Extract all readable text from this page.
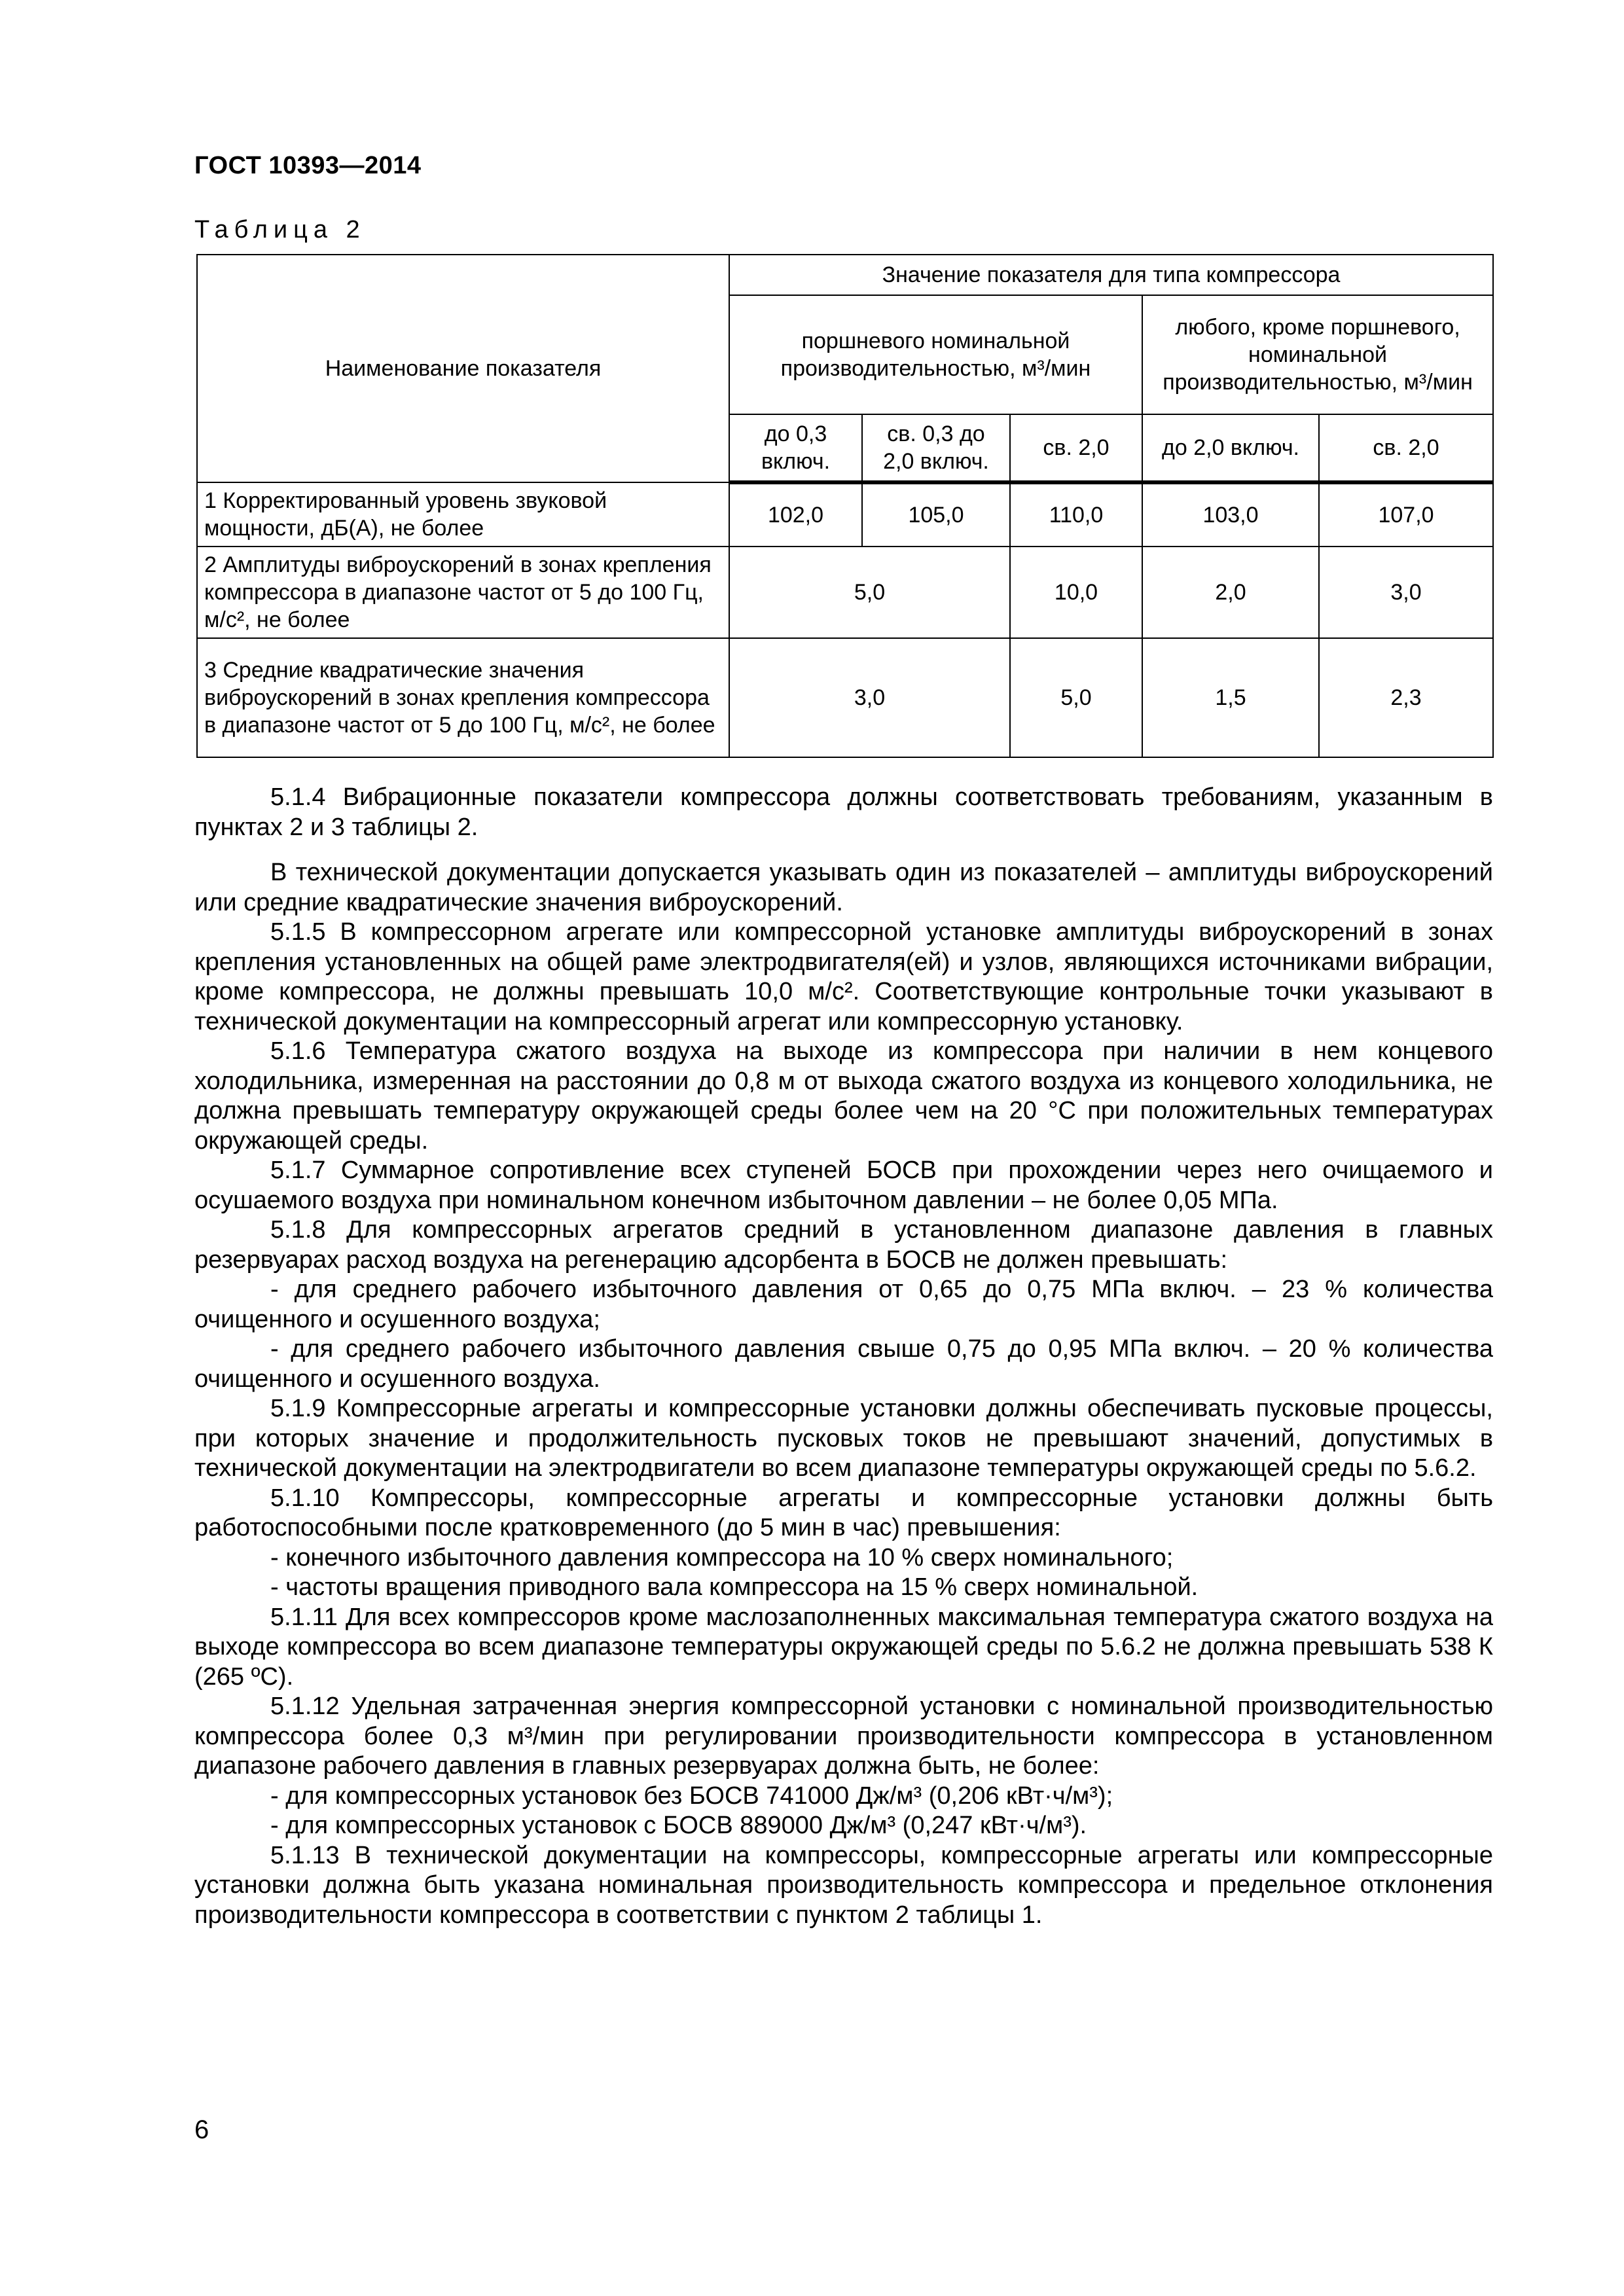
ГОСТ 10393—2014
Таблица 2
Наименование показателя	Значение показателя для типа компрессора				
	поршневого номинальной производительностью, м³/мин			любого, кроме поршневого, номинальной производительностью, м³/мин	
	до 0,3 включ.	св. 0,3 до 2,0 включ.	св. 2,0	до 2,0 включ.	св. 2,0
1 Корректированный уровень звуковой мощности, дБ(А), не более	102,0	105,0	110,0	103,0	107,0
2 Амплитуды виброускорений в зонах крепления компрессора в диапазоне частот от 5 до 100 Гц, м/с², не более	5,0		10,0	2,0	3,0
3 Средние квадратические значения виброускорений в зонах крепления компрессора в диапазоне частот от 5 до 100 Гц, м/с², не более	3,0		5,0	1,5	2,3

5.1.4 Вибрационные показатели компрессора должны соответствовать требованиям, указанным в пунктах 2 и 3 таблицы 2.

В технической документации допускается указывать один из показателей – амплитуды виброускорений или средние квадратические значения виброускорений.

5.1.5 В компрессорном агрегате или компрессорной установке амплитуды виброускорений в зонах крепления установленных на общей раме электродвигателя(ей) и узлов, являющихся источниками вибрации, кроме компрессора, не должны превышать 10,0 м/с². Соответствующие контрольные точки указывают в технической документации на компрессорный агрегат или компрессорную установку.

5.1.6 Температура сжатого воздуха на выходе из компрессора при наличии в нем концевого холодильника, измеренная на расстоянии до 0,8 м от выхода сжатого воздуха из концевого холодильника, не должна превышать температуру окружающей среды более чем на 20 °С при положительных температурах окружающей среды.

5.1.7 Суммарное сопротивление всех ступеней БОСВ при прохождении через него очищаемого и осушаемого воздуха при номинальном конечном избыточном давлении – не более 0,05 МПа.

5.1.8 Для компрессорных агрегатов средний в установленном диапазоне давления в главных резервуарах расход воздуха на регенерацию адсорбента в БОСВ не должен превышать:

- для среднего рабочего избыточного давления от 0,65 до 0,75 МПа включ. – 23 % количества очищенного и осушенного воздуха;

- для среднего рабочего избыточного давления свыше 0,75 до 0,95 МПа включ. – 20 % количества очищенного и осушенного воздуха.

5.1.9 Компрессорные агрегаты и компрессорные установки должны обеспечивать пусковые процессы, при которых значение и продолжительность пусковых токов не превышают значений, допустимых в технической документации на электродвигатели во всем диапазоне температуры окружающей среды по 5.6.2.

5.1.10 Компрессоры, компрессорные агрегаты и компрессорные установки должны быть работоспособными после кратковременного (до 5 мин в час) превышения:

- конечного избыточного давления компрессора на 10 % сверх номинального;

- частоты вращения приводного вала компрессора на 15 % сверх номинальной.

5.1.11 Для всех компрессоров кроме маслозаполненных максимальная температура сжатого воздуха на выходе компрессора во всем диапазоне температуры окружающей среды по 5.6.2 не должна превышать 538 К (265 ºС).

5.1.12 Удельная затраченная энергия компрессорной установки с номинальной производительностью компрессора более 0,3 м³/мин при регулировании производительности компрессора в установленном диапазоне рабочего давления в главных резервуарах должна быть, не более:

- для компрессорных установок без БОСВ 741000 Дж/м³ (0,206 кВт·ч/м³);

- для компрессорных установок с БОСВ 889000 Дж/м³ (0,247 кВт·ч/м³).

5.1.13 В технической документации на компрессоры, компрессорные агрегаты или компрессорные установки должна быть указана номинальная производительность компрессора и предельное отклонения производительности компрессора в соответствии с пунктом 2 таблицы 1.

6
